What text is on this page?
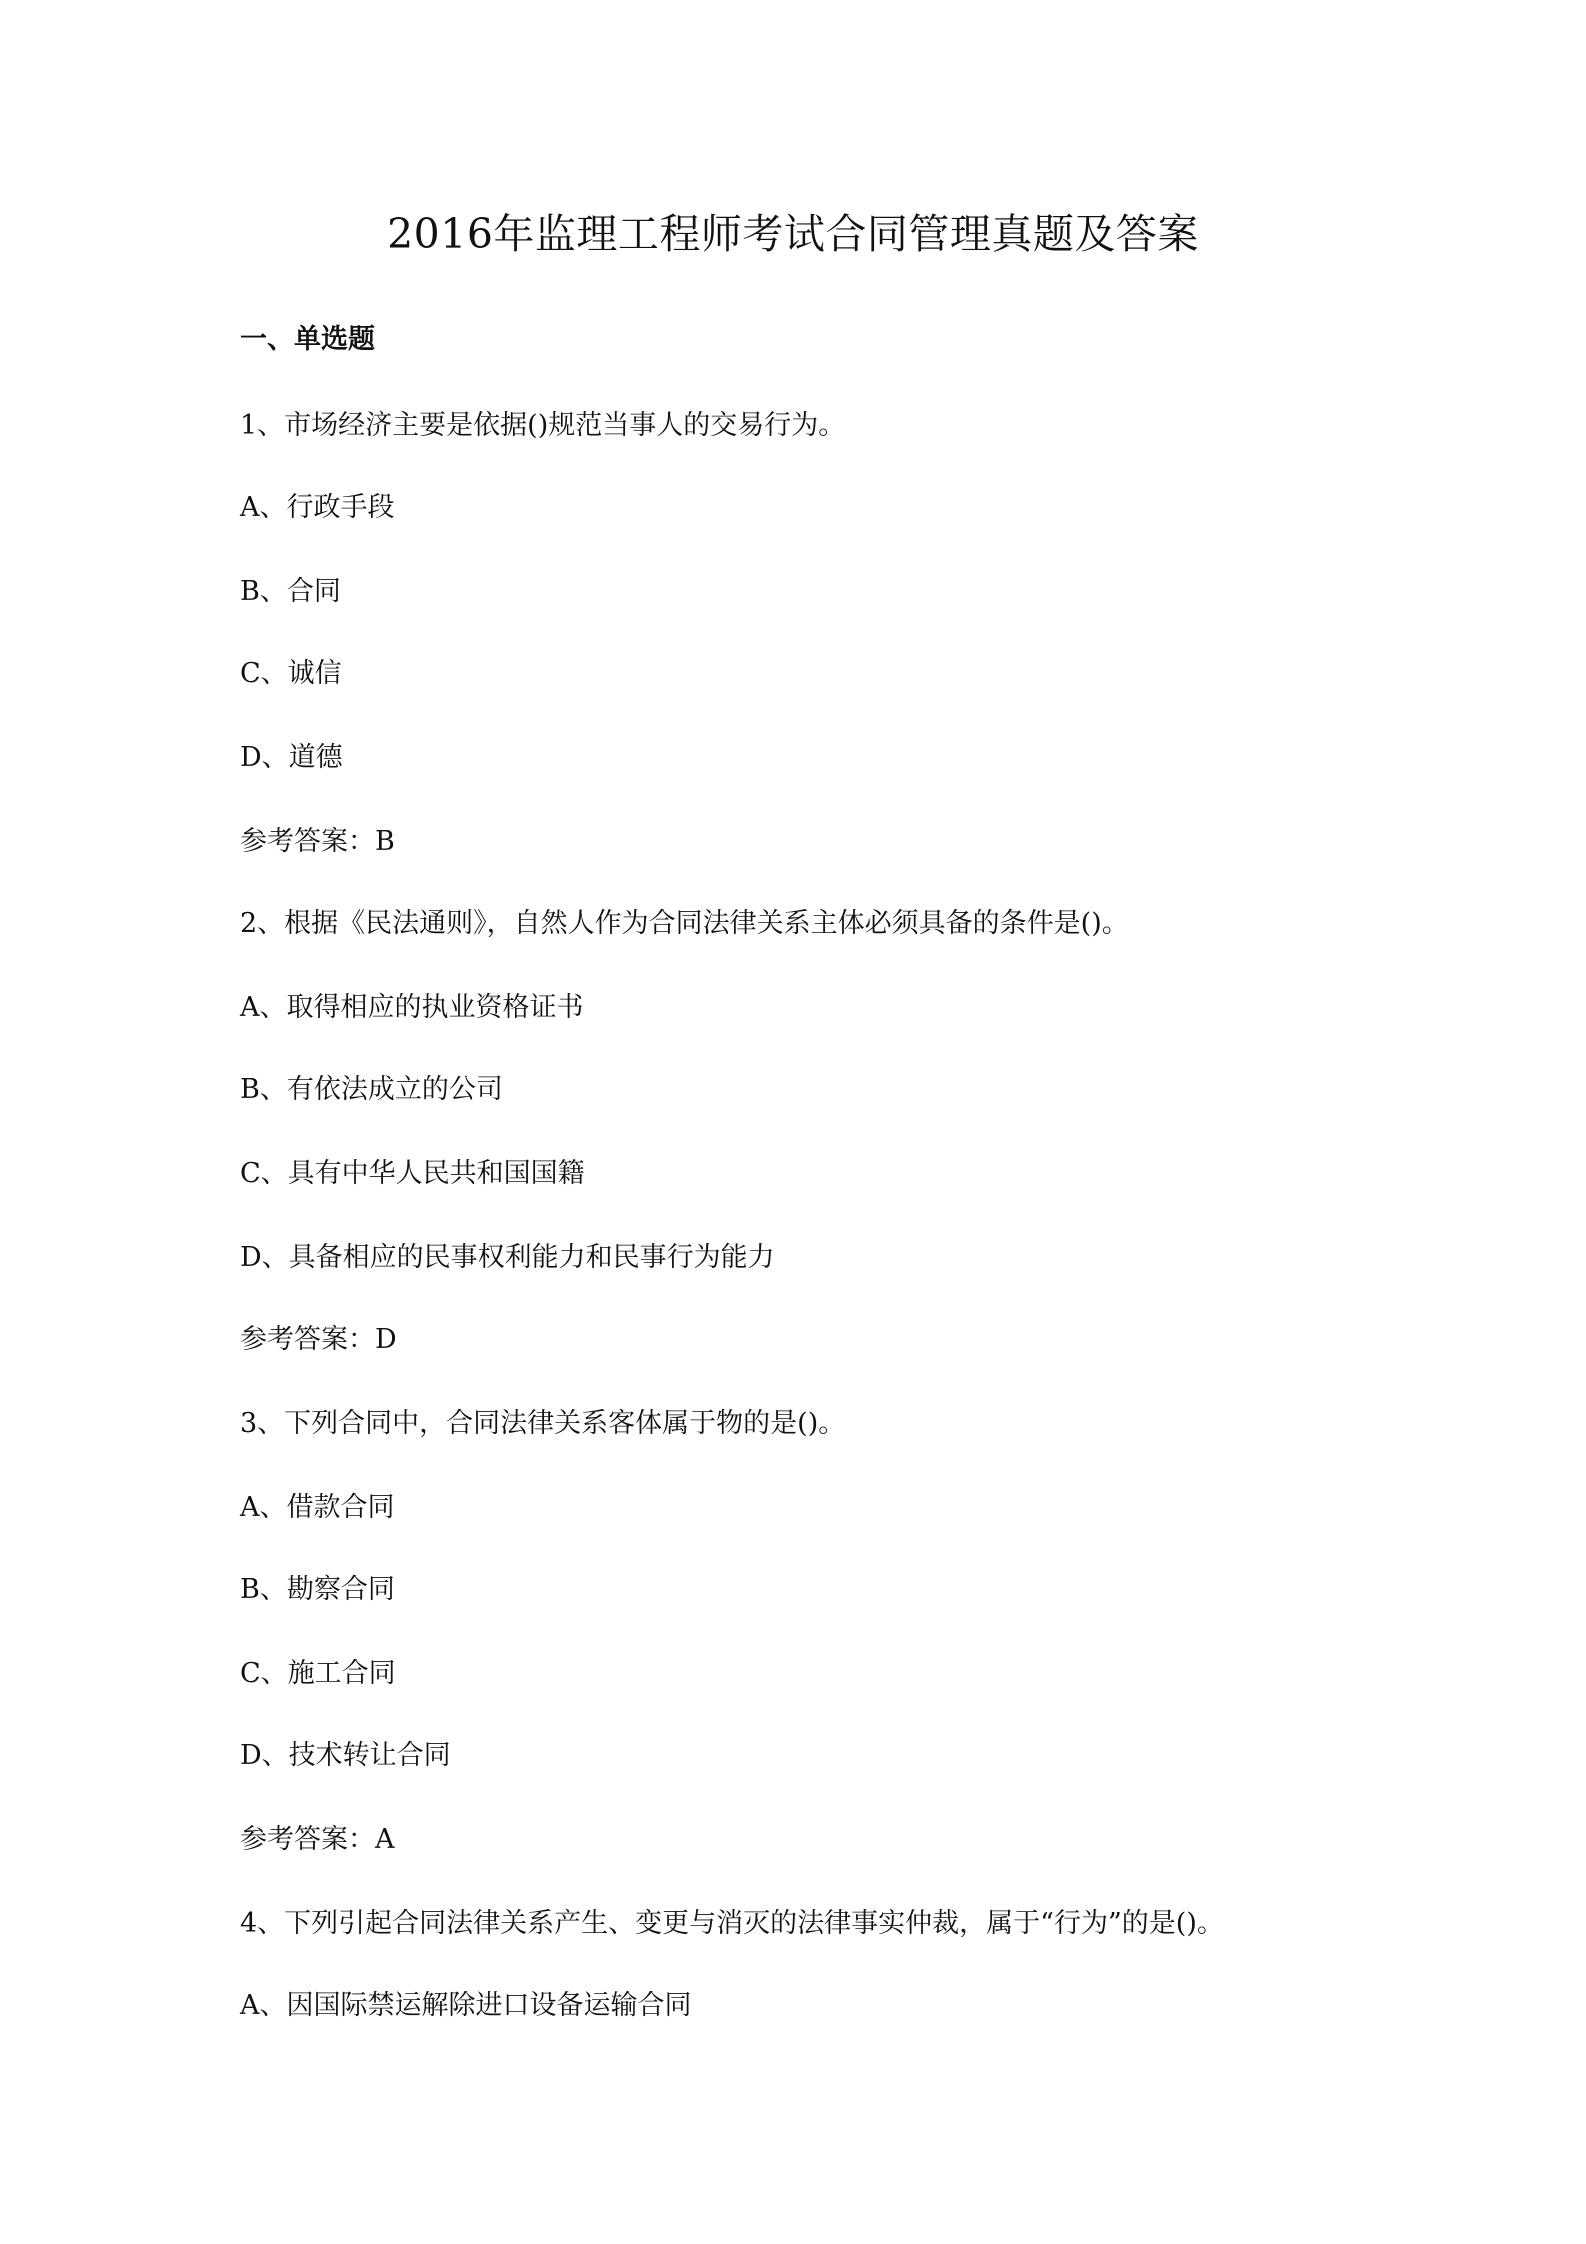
2016年监理工程师考试合同管理真题及答案
一、单选题

1、市场经济主要是依据()规范当事人的交易行为。

A、行政手段

B、合同

C、诚信

D、道德

参考答案：B

2、根据《民法通则》，自然人作为合同法律关系主体必须具备的条件是()。

A、取得相应的执业资格证书

B、有依法成立的公司

C、具有中华人民共和国国籍

D、具备相应的民事权利能力和民事行为能力

参考答案：D

3、下列合同中，合同法律关系客体属于物的是()。

A、借款合同

B、勘察合同

C、施工合同

D、技术转让合同

参考答案：A

4、下列引起合同法律关系产生、变更与消灭的法律事实仲裁，属于“行为”的是()。

A、因国际禁运解除进口设备运输合同
